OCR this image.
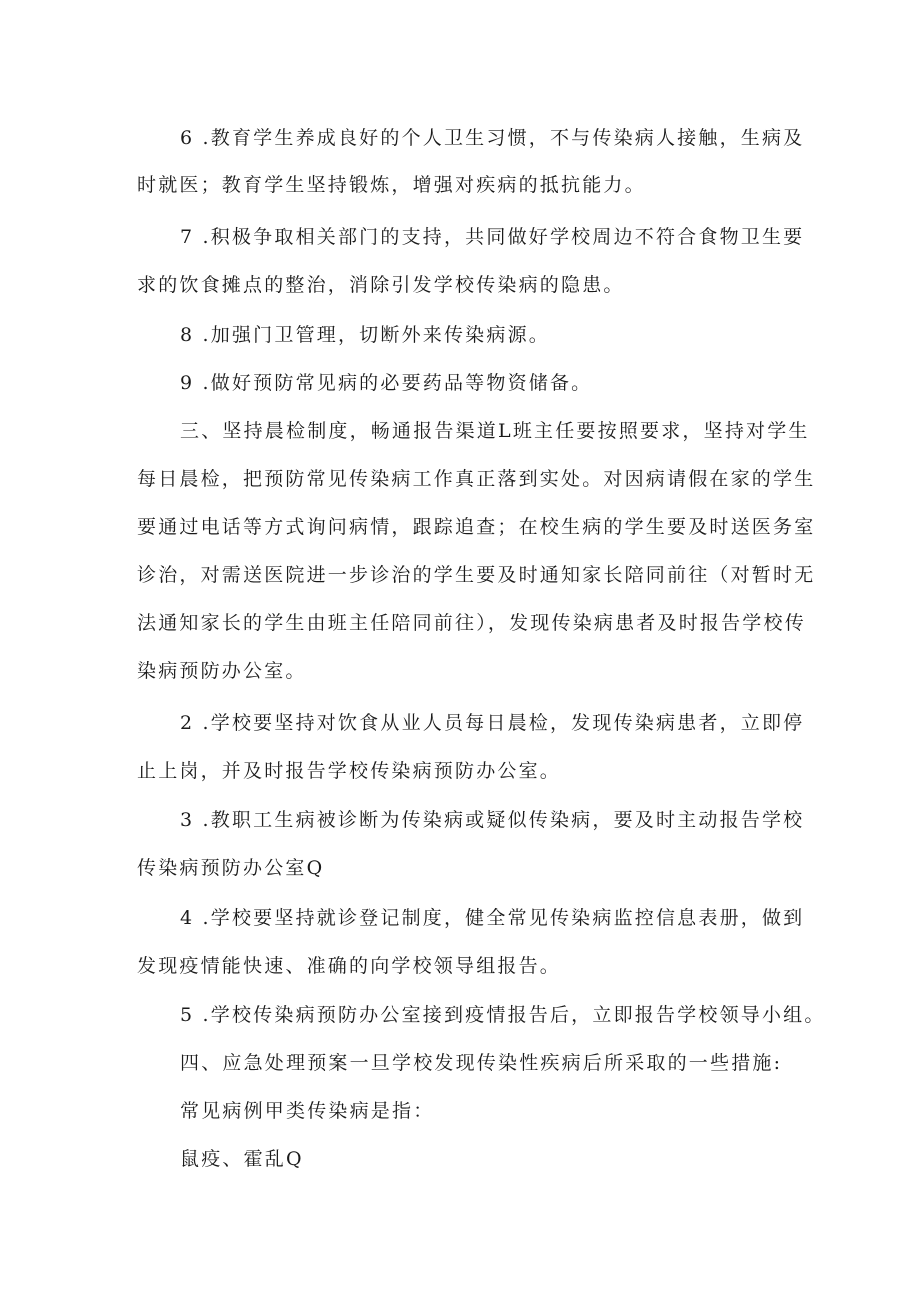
6 .教育学生养成良好的个人卫生习惯，不与传染病人接触，生病及

时就医；教育学生坚持锻炼，增强对疾病的抵抗能力。

7 .积极争取相关部门的支持，共同做好学校周边不符合食物卫生要

求的饮食摊点的整治，消除引发学校传染病的隐患。

8 .加强门卫管理，切断外来传染病源。

9 .做好预防常见病的必要药品等物资储备。

三、坚持晨检制度，畅通报告渠道L班主任要按照要求，坚持对学生

每日晨检，把预防常见传染病工作真正落到实处。对因病请假在家的学生

要通过电话等方式询问病情，跟踪追查；在校生病的学生要及时送医务室

诊治，对需送医院进一步诊治的学生要及时通知家长陪同前往（对暂时无

法通知家长的学生由班主任陪同前往），发现传染病患者及时报告学校传

染病预防办公室。

2 .学校要坚持对饮食从业人员每日晨检，发现传染病患者，立即停

止上岗，并及时报告学校传染病预防办公室。

3 .教职工生病被诊断为传染病或疑似传染病，要及时主动报告学校

传染病预防办公室Q

4 .学校要坚持就诊登记制度，健全常见传染病监控信息表册，做到

发现疫情能快速、准确的向学校领导组报告。

5 .学校传染病预防办公室接到疫情报告后，立即报告学校领导小组。

四、应急处理预案一旦学校发现传染性疾病后所采取的一些措施:

常见病例甲类传染病是指：

鼠疫、霍乱Q
